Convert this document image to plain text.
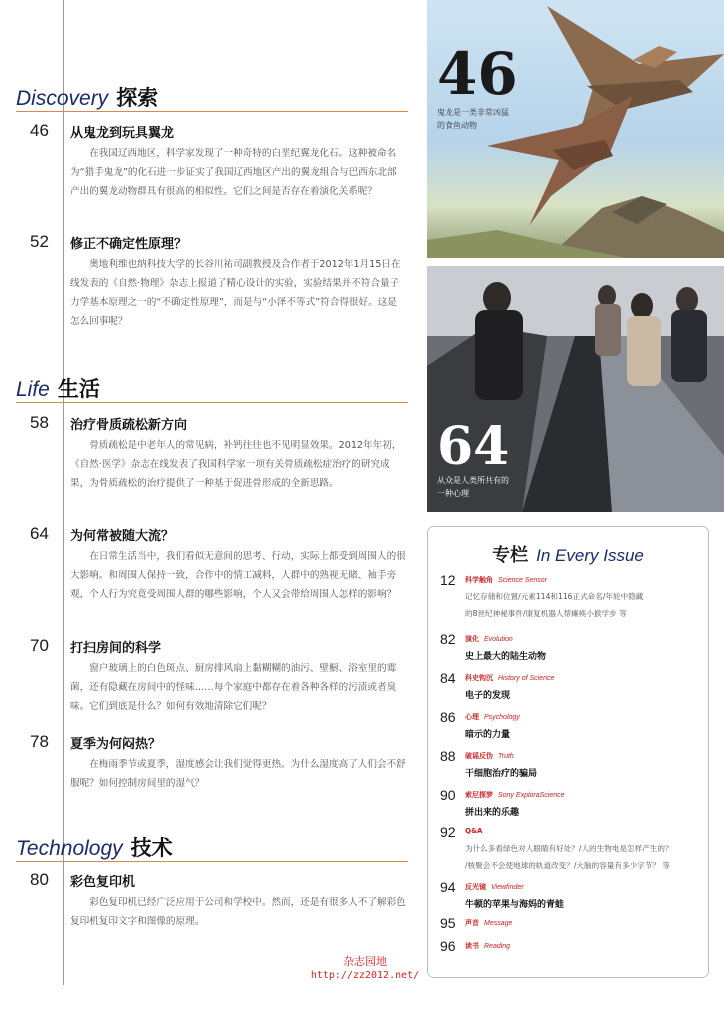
Discovery 探索
46	从鬼龙到玩具翼龙
在我国辽西地区，科学家发现了一种奇特的白垩纪翼龙化石。这种被命名为“猎手鬼龙”的化石进一步证实了我国辽西地区产出的翼龙组合与巴西东北部产出的翼龙动物群具有很高的相似性。它们之间是否存在着演化关系呢？
52	修正不确定性原理？
奥地利维也纳科技大学的长谷川祐司副教授及合作者于2012年1月15日在线发表的《自然·物理》杂志上报道了精心设计的实验，实验结果并不符合量子力学基本原理之一的“不确定性原理”，而是与“小泽不等式”符合得很好。这是怎么回事呢？
Life 生活
58	治疗骨质疏松新方向
骨质疏松是中老年人的常见病，补钙往往也不见明显效果。2012年年初，《自然·医学》杂志在线发表了我国科学家一项有关骨质疏松症治疗的研究成果，为骨质疏松的治疗提供了一种基于促进骨形成的全新思路。
64	为何常被随大流？
在日常生活当中，我们看似无意间的思考、行动，实际上都受到周围人的很大影响。和周围人保持一致，合作中的情工减料，人群中的熟视无睹、袖手旁观，个人行为究竟受周围人群的哪些影响，个人又会带给周围人怎样的影响？
70	打扫房间的科学
窗户玻璃上的白色斑点、厨房排风扇上黏糊糊的油污、壁橱、浴室里的霉菌，还有隐藏在房间中的怪味……每个家庭中都存在着各种各样的污渍或者臭味。它们到底是什么？如何有效地清除它们呢？
78	夏季为何闷热？
在梅雨季节或夏季，湿度感会让我们觉得更热。为什么湿度高了人们会不舒服呢？如何控制房间里的湿气？
Technology 技术
80	彩色复印机
彩色复印机已经广泛应用于公司和学校中。然而，还是有很多人不了解彩色复印机复印文字和图像的原理。
46
鬼龙是一类非常凶猛
的食鱼动物
64
从众是人类所共有的
一种心理
专栏 In Every Issue
12 科学触角 Science Sensor
记忆存储和位置/元素114和116正式命名/年轮中隐藏
的8世纪神秘事件/康复机器人帮瘫痪小猴学步 等
82 演化 Evolution
史上最大的陆生动物
84 科史钩沉 History of Science
电子的发现
86 心理 Psychology
暗示的力量
88 破谣反伪 Truth
干细胞治疗的骗局
90 索尼探梦 Sony ExploraScience
拼出来的乐趣
92 Q&A
为什么多看绿色对人眼睛有好处？/人的生物电是怎样产生的？
/核聚会不会使地球的轨道改变？/大脑的容量有多少字节？ 等
94 反光镜 Viewfinder
牛顿的苹果与海妈的青蛙
95 声音 Message
96 读书 Reading
杂志园地
http://zz2012.net/
